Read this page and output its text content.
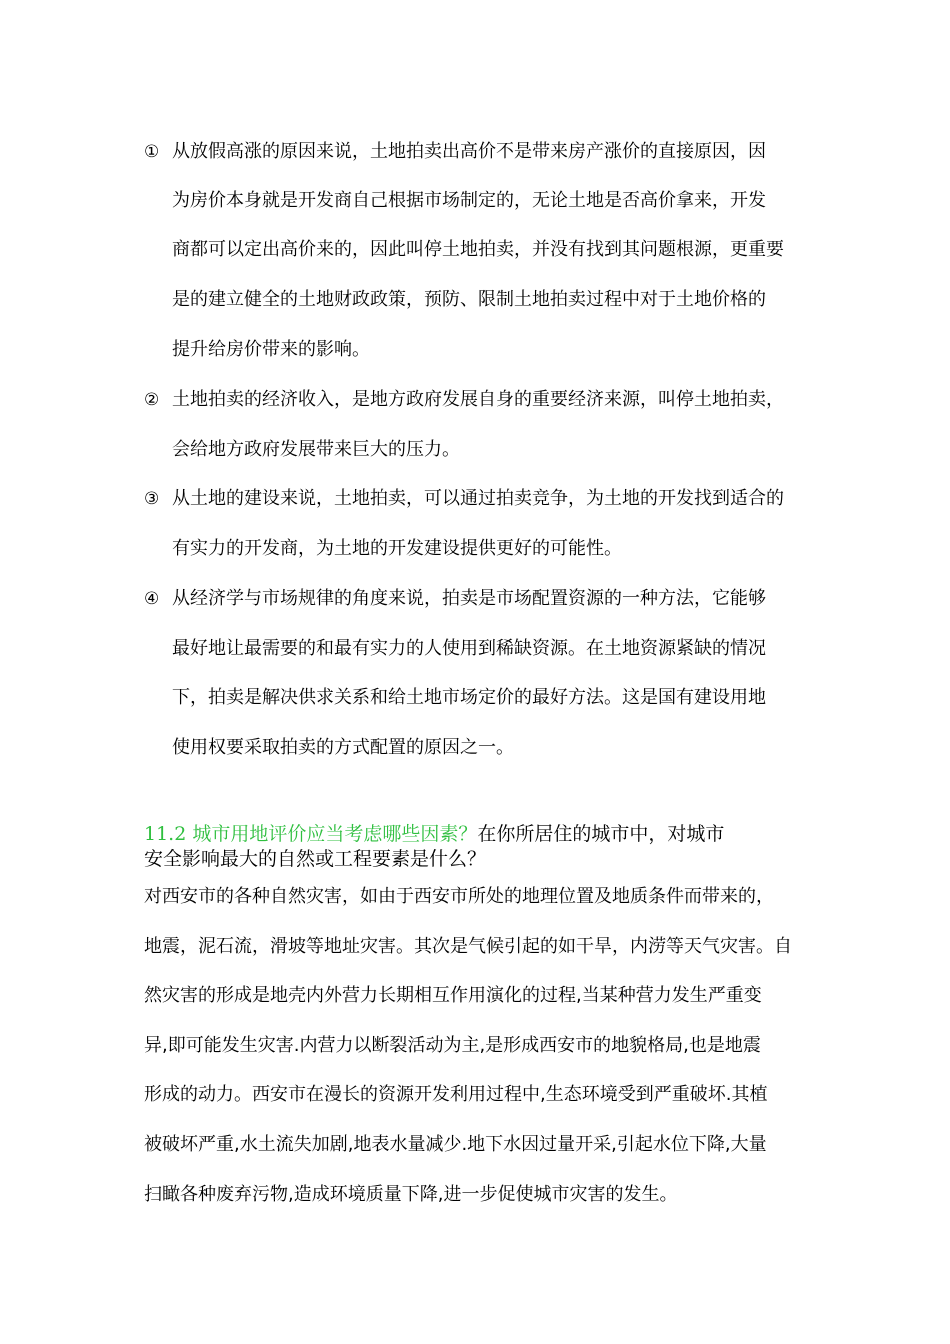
① 从放假高涨的原因来说，土地拍卖出高价不是带来房产涨价的直接原因，因
为房价本身就是开发商自己根据市场制定的，无论土地是否高价拿来，开发
商都可以定出高价来的，因此叫停土地拍卖，并没有找到其问题根源，更重要
是的建立健全的土地财政政策，预防、限制土地拍卖过程中对于土地价格的
提升给房价带来的影响。
② 土地拍卖的经济收入，是地方政府发展自身的重要经济来源，叫停土地拍卖，
会给地方政府发展带来巨大的压力。
③ 从土地的建设来说，土地拍卖，可以通过拍卖竞争，为土地的开发找到适合的
有实力的开发商，为土地的开发建设提供更好的可能性。
④ 从经济学与市场规律的角度来说，拍卖是市场配置资源的一种方法，它能够
最好地让最需要的和最有实力的人使用到稀缺资源。在土地资源紧缺的情况
下，拍卖是解决供求关系和给土地市场定价的最好方法。这是国有建设用地
使用权要采取拍卖的方式配置的原因之一。
11.2 城市用地评价应当考虑哪些因素？在你所居住的城市中，对城市
安全影响最大的自然或工程要素是什么？
对西安市的各种自然灾害，如由于西安市所处的地理位置及地质条件而带来的，
地震，泥石流，滑坡等地址灾害。其次是气候引起的如干旱，内涝等天气灾害。自
然灾害的形成是地壳内外营力长期相互作用演化的过程,当某种营力发生严重变
异,即可能发生灾害.内营力以断裂活动为主,是形成西安市的地貌格局,也是地震
形成的动力。西安市在漫长的资源开发利用过程中,生态环境受到严重破坏.其植
被破坏严重,水土流失加剧,地表水量减少.地下水因过量开采,引起水位下降,大量
扫瞰各种废弃污物,造成环境质量下降,进一步促使城市灾害的发生。
